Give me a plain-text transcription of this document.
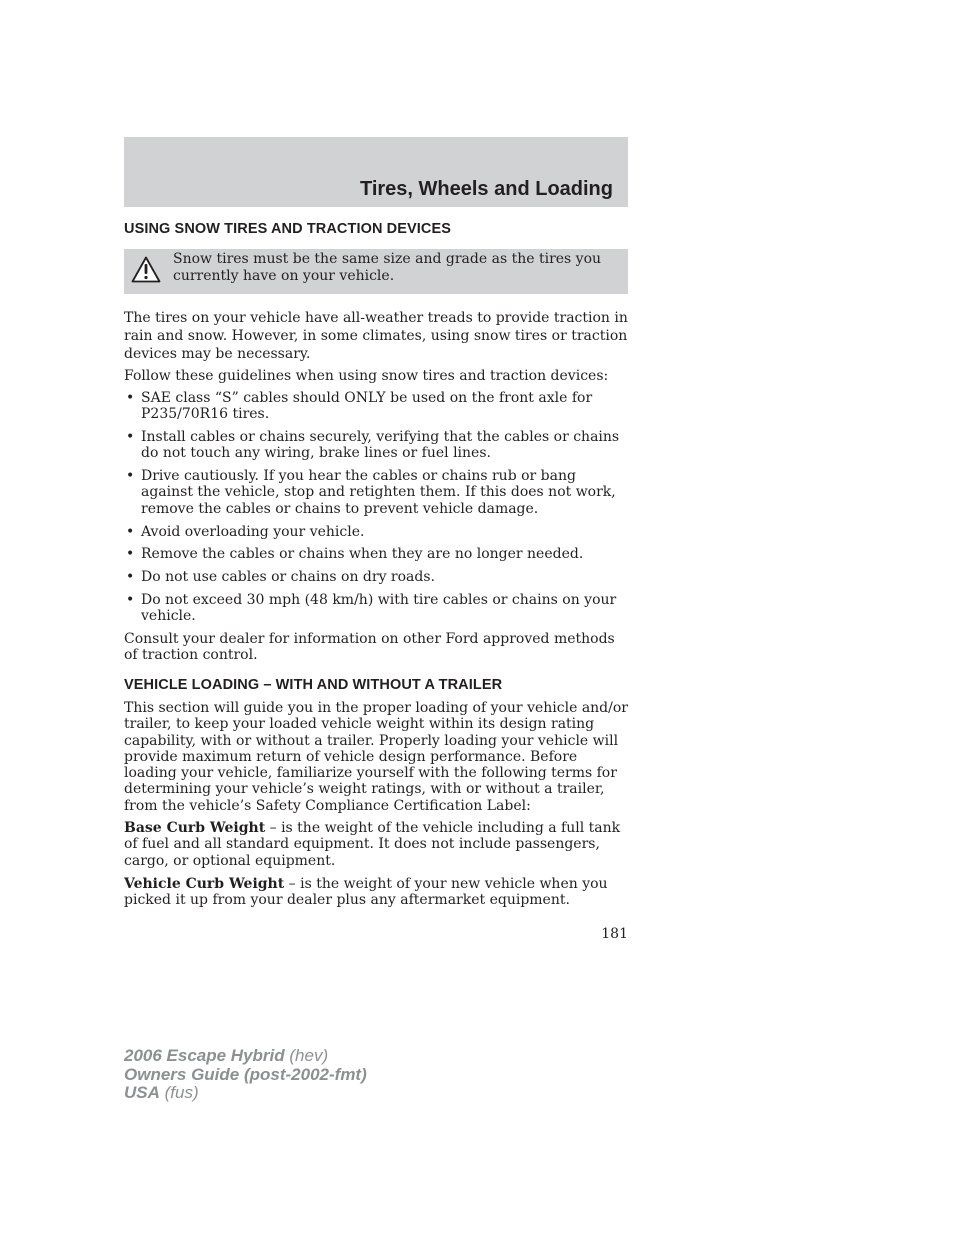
Tires, Wheels and Loading
USING SNOW TIRES AND TRACTION DEVICES
Snow tires must be the same size and grade as the tires you currently have on your vehicle.

The tires on your vehicle have all-weather treads to provide traction in rain and snow. However, in some climates, using snow tires or traction devices may be necessary.

Follow these guidelines when using snow tires and traction devices:

• SAE class “S” cables should ONLY be used on the front axle for P235/70R16 tires.
• Install cables or chains securely, verifying that the cables or chains do not touch any wiring, brake lines or fuel lines.
• Drive cautiously. If you hear the cables or chains rub or bang against the vehicle, stop and retighten them. If this does not work, remove the cables or chains to prevent vehicle damage.
• Avoid overloading your vehicle.
• Remove the cables or chains when they are no longer needed.
• Do not use cables or chains on dry roads.
• Do not exceed 30 mph (48 km/h) with tire cables or chains on your vehicle.

Consult your dealer for information on other Ford approved methods of traction control.

VEHICLE LOADING – WITH AND WITHOUT A TRAILER

This section will guide you in the proper loading of your vehicle and/or trailer, to keep your loaded vehicle weight within its design rating capability, with or without a trailer. Properly loading your vehicle will provide maximum return of vehicle design performance. Before loading your vehicle, familiarize yourself with the following terms for determining your vehicle’s weight ratings, with or without a trailer, from the vehicle’s Safety Compliance Certification Label:

Base Curb Weight – is the weight of the vehicle including a full tank of fuel and all standard equipment. It does not include passengers, cargo, or optional equipment.

Vehicle Curb Weight – is the weight of your new vehicle when you picked it up from your dealer plus any aftermarket equipment.

181
2006 Escape Hybrid (hev)
Owners Guide (post-2002-fmt)
USA (fus)
